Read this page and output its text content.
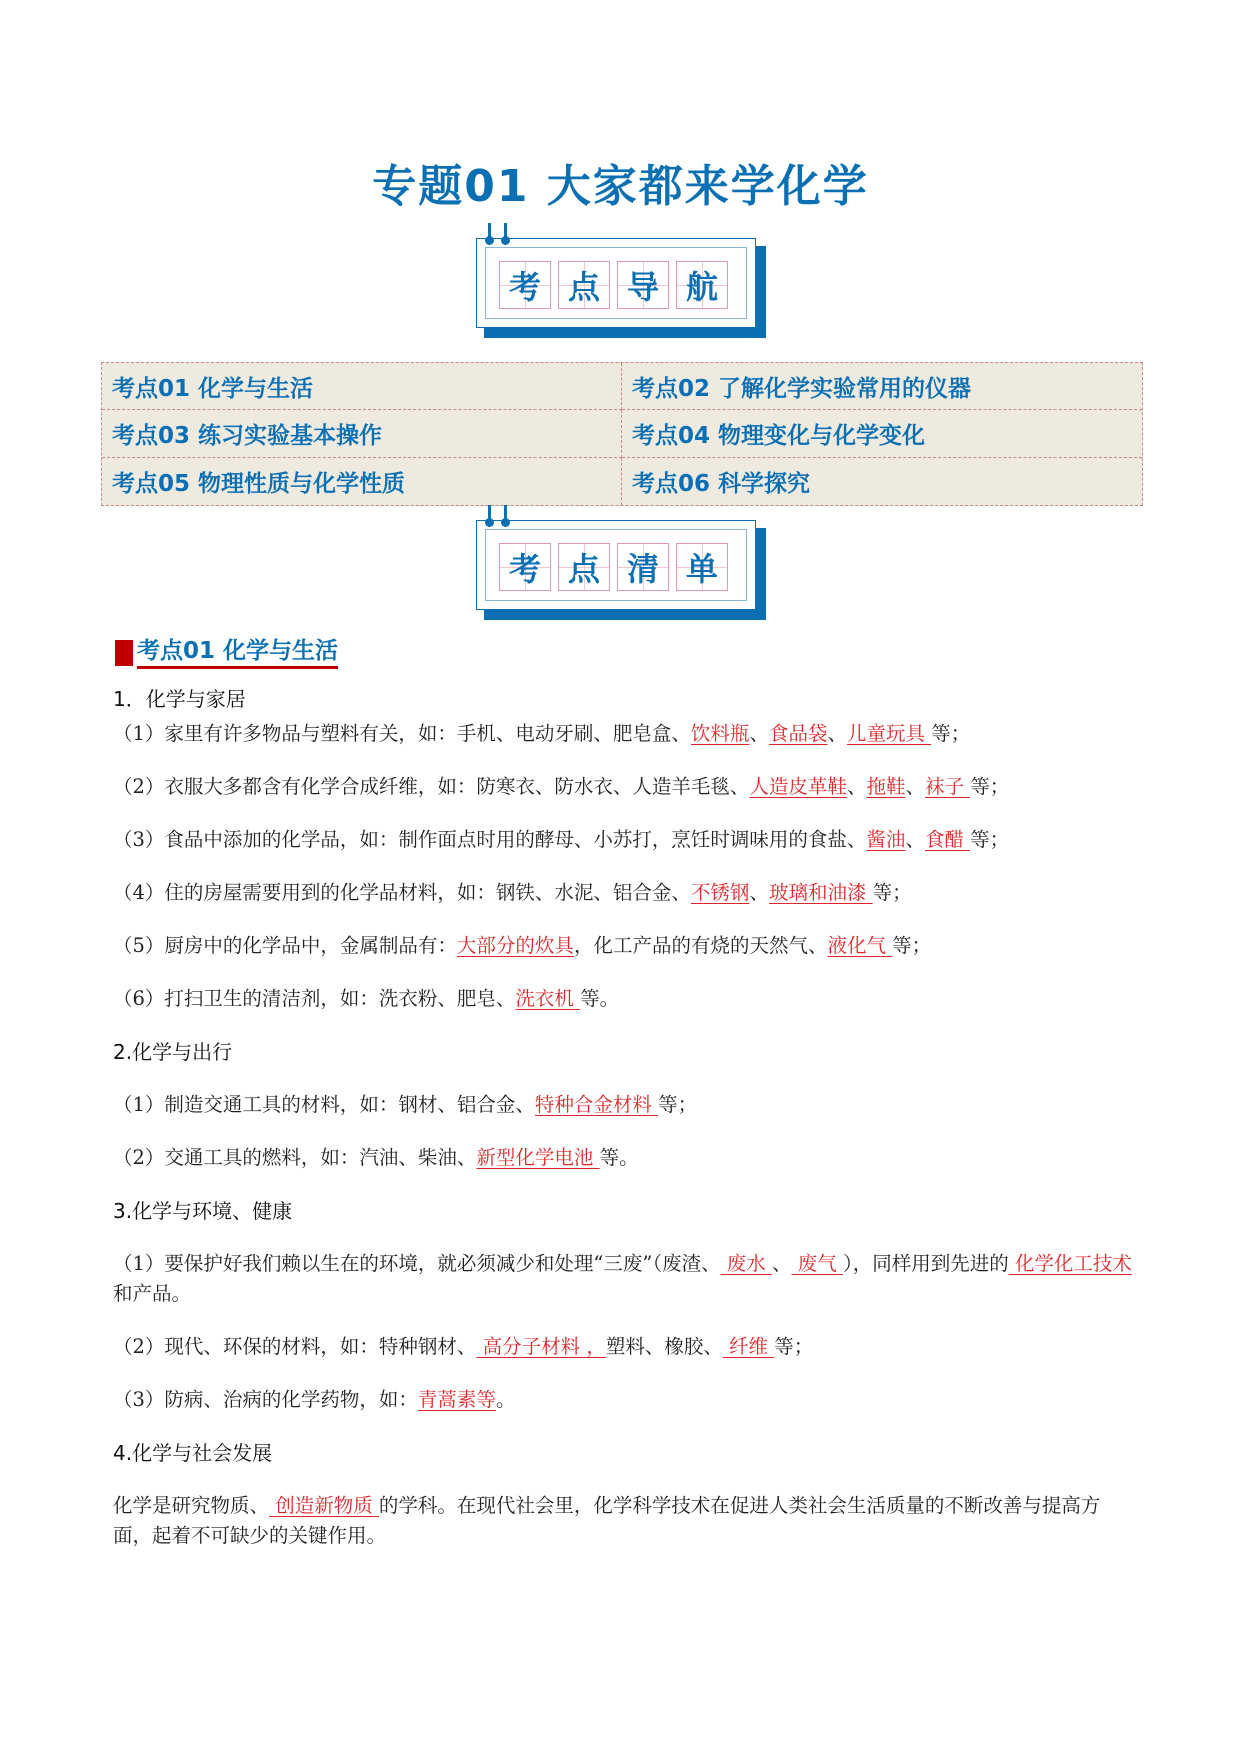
专题01 大家都来学化学
考 点 导 航
考点01 化学与生活	考点02 了解化学实验常用的仪器
考点03 练习实验基本操作	考点04 物理变化与化学变化
考点05 物理性质与化学性质	考点06 科学探究
考 点 清 单
考点01 化学与生活
1．化学与家居

（1）家里有许多物品与塑料有关，如：手机、电动牙刷、肥皂盒、饮料瓶、食品袋、儿童玩具 等；

（2）衣服大多都含有化学合成纤维，如：防寒衣、防水衣、人造羊毛毯、人造皮革鞋、拖鞋、袜子 等；

（3）食品中添加的化学品，如：制作面点时用的酵母、小苏打，烹饪时调味用的食盐、酱油、食醋 等；

（4）住的房屋需要用到的化学品材料，如：钢铁、水泥、铝合金、不锈钢、玻璃和油漆 等；

（5）厨房中的化学品中，金属制品有：大部分的炊具，化工产品的有烧的天然气、液化气 等；

（6）打扫卫生的清洁剂，如：洗衣粉、肥皂、洗衣机 等。

2.化学与出行

（1）制造交通工具的材料，如：钢材、铝合金、特种合金材料 等；

（2）交通工具的燃料，如：汽油、柴油、新型化学电池 等。

3.化学与环境、健康

（1）要保护好我们赖以生在的环境，就必须减少和处理“三废”（废渣、 废水 、 废气 ），同样用到先进的 化学化工技术 和产品。

（2）现代、环保的材料，如：特种钢材、 高分子材料 ，塑料、橡胶、 纤维 等；

（3）防病、治病的化学药物，如：青蒿素等。

4.化学与社会发展

化学是研究物质、 创造新物质 的学科。在现代社会里，化学科学技术在促进人类社会生活质量的不断改善与提高方面，起着不可缺少的关键作用。
